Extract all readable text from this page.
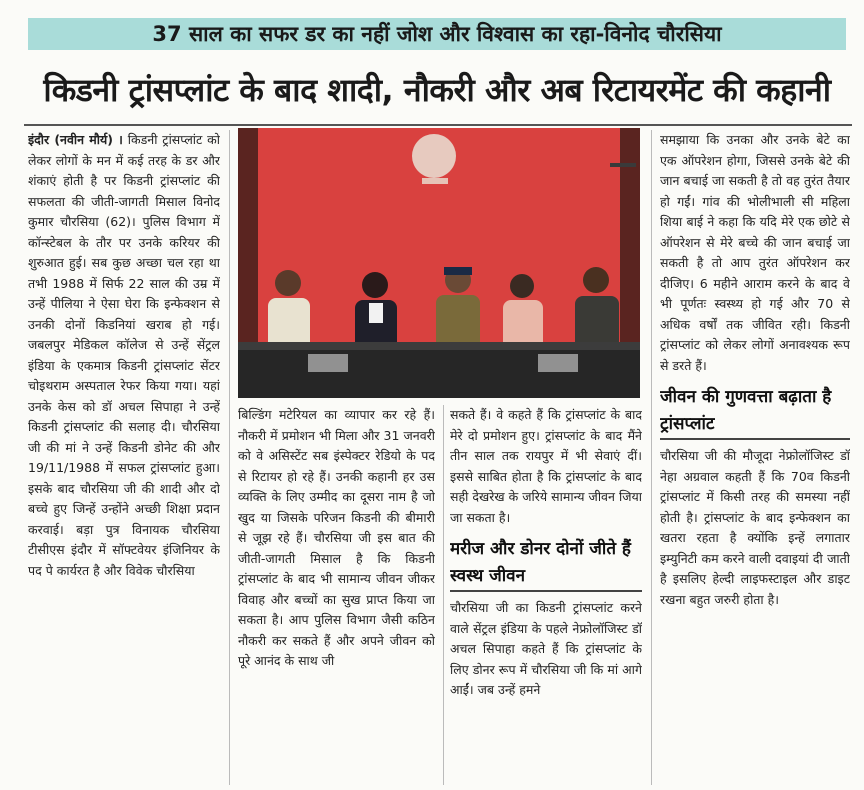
37 साल का सफर डर का नहीं जोश और विश्वास का रहा-विनोद चौरसिया
किडनी ट्रांसप्लांट के बाद शादी, नौकरी और अब रिटायरमेंट की कहानी

इंदौर (नवीन मौर्य) । किडनी ट्रांसप्लांट को लेकर लोगों के मन में कई तरह के डर और शंकाएं होती है पर किडनी ट्रांसप्लांट की सफलता की जीती-जागती मिसाल विनोद कुमार चौरसिया (62)। पुलिस विभाग में कॉन्स्टेबल के तौर पर उनके करियर की शुरुआत हुई। सब कुछ अच्छा चल रहा था तभी 1988 में सिर्फ 22 साल की उम्र में उन्हें पीलिया ने ऐसा घेरा कि इन्फेक्शन से उनकी दोनों किडनियां खराब हो गई। जबलपुर मेडिकल कॉलेज से उन्हें सेंट्रल इंडिया के एकमात्र किडनी ट्रांसप्लांट सेंटर चोइथराम अस्पताल रेफर किया गया। यहां उनके केस को डॉ अचल सिपाहा ने उन्हें किडनी ट्रांसप्लांट की सलाह दी। चौरसिया जी की मां ने उन्हें किडनी डोनेट की और 19/11/1988 में सफल ट्रांसप्लांट हुआ। इसके बाद चौरसिया जी की शादी और दो बच्चे हुए जिन्हें उन्होंने अच्छी शिक्षा प्रदान करवाई। बड़ा पुत्र विनायक चौरसिया टीसीएस इंदौर में सॉफ्टवेयर इंजिनियर के पद पे कार्यरत है और विवेक चौरसिया

बिल्डिंग मटेरियल का व्यापार कर रहे हैं। नौकरी में प्रमोशन भी मिला और 31 जनवरी को वे असिस्टेंट सब इंस्पेक्टर रेडियो के पद से रिटायर हो रहे हैं। उनकी कहानी हर उस व्यक्ति के लिए उम्मीद का दूसरा नाम है जो खुद या जिसके परिजन किडनी की बीमारी से जूझ रहे हैं। चौरसिया जी इस बात की जीती-जागती मिसाल है कि किडनी ट्रांसप्लांट के बाद भी सामान्य जीवन जीकर विवाह और बच्चों का सुख प्राप्त किया जा सकता है। आप पुलिस विभाग जैसी कठिन नौकरी कर सकते हैं और अपने जीवन को पूरे आनंद के साथ जी

सकते हैं। वे कहते हैं कि ट्रांसप्लांट के बाद मेरे दो प्रमोशन हुए। ट्रांसप्लांट के बाद मैंने तीन साल तक रायपुर में भी सेवाएं दीं। इससे साबित होता है कि ट्रांसप्लांट के बाद सही देखरेख के जरिये सामान्य जीवन जिया जा सकता है।

मरीज और डोनर दोनों जीते हैं स्वस्थ जीवन

चौरसिया जी का किडनी ट्रांसप्लांट करने वाले सेंट्रल इंडिया के पहले नेफ्रोलॉजिस्ट डॉ अचल सिपाहा कहते हैं कि ट्रांसप्लांट के लिए डोनर रूप में चौरसिया जी कि मां आगे आईं। जब उन्हें हमने

समझाया कि उनका और उनके बेटे का एक ऑपरेशन होगा, जिससे उनके बेटे की जान बचाई जा सकती है तो वह तुरंत तैयार हो गईं। गांव की भोलीभाली सी महिला शिया बाई ने कहा कि यदि मेरे एक छोटे से ऑपरेशन से मेरे बच्चे की जान बचाई जा सकती है तो आप तुरंत ऑपरेशन कर दीजिए। 6 महीने आराम करने के बाद वे भी पूर्णतः स्वस्थ्य हो गई और 70 से अधिक वर्षों तक जीवित रही। किडनी ट्रांसप्लांट को लेकर लोगों अनावश्यक रूप से डरते हैं।

जीवन की गुणवत्ता बढ़ाता है ट्रांसप्लांट

चौरसिया जी की मौजूदा नेफ्रोलॉजिस्ट डॉ नेहा अग्रवाल कहती हैं कि 70व किडनी ट्रांसप्लांट में किसी तरह की समस्या नहीं होती है। ट्रांसप्लांट के बाद इन्फेक्शन का खतरा रहता है क्योंकि इन्हें लगातार इम्युनिटी कम करने वाली दवाइयां दी जाती है इसलिए हेल्दी लाइफस्टाइल और डाइट रखना बहुत जरुरी होता है।
